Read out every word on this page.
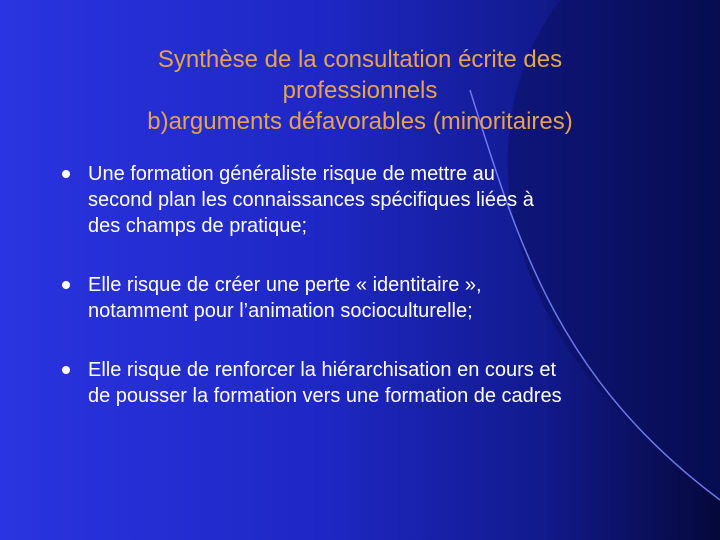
Synthèse de la consultation écrite des
professionnels
b)arguments défavorables (minoritaires)
Une formation généraliste risque de mettre au
second plan les connaissances spécifiques liées à
des champs de pratique;
Elle risque de créer une perte « identitaire »,
notamment pour l’animation socioculturelle;
Elle risque de renforcer la hiérarchisation en cours et
de pousser la formation vers une formation de cadres
